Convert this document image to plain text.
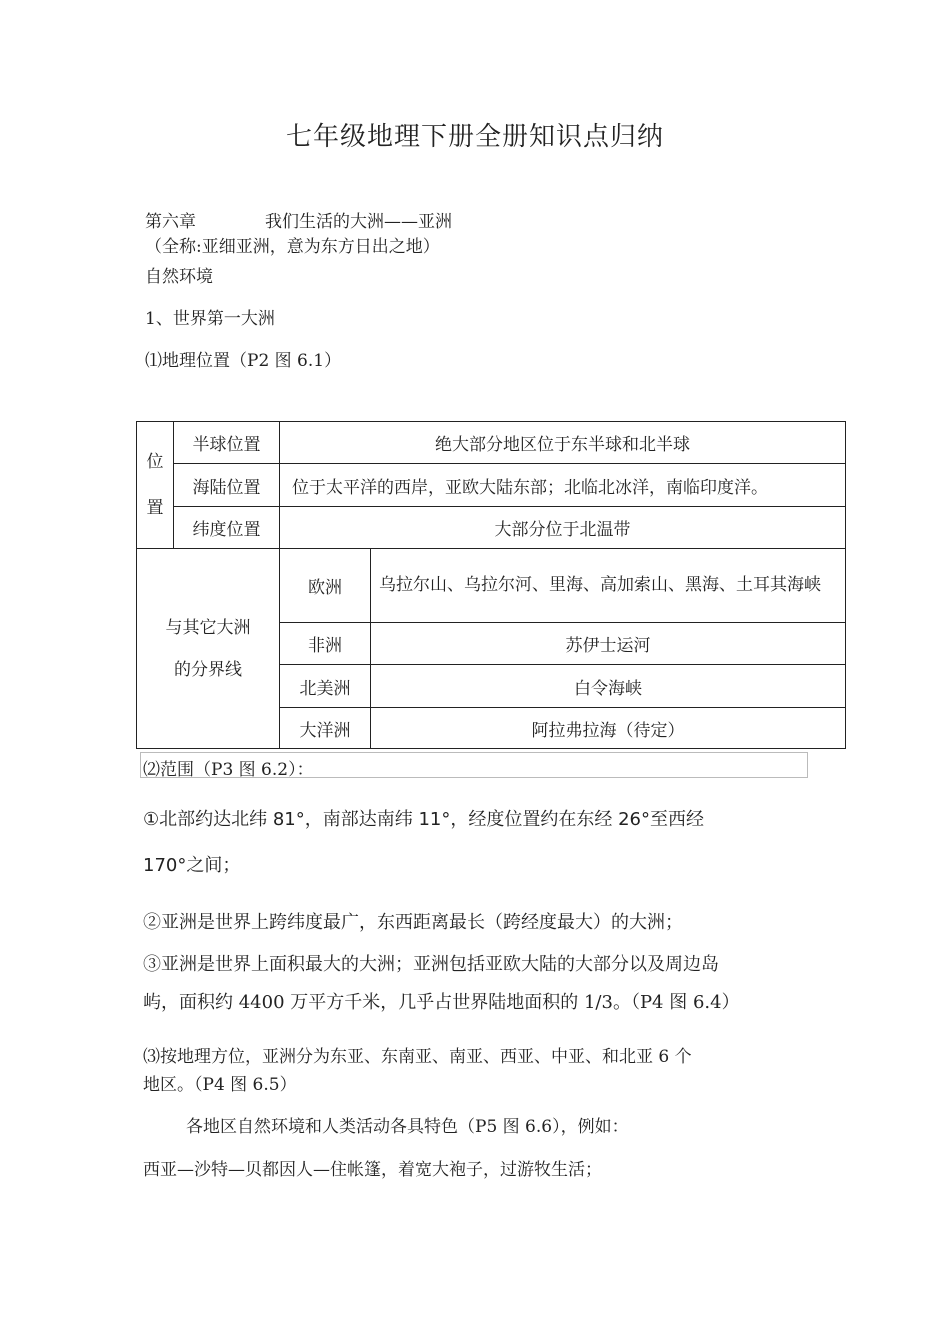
七年级地理下册全册知识点归纳
第六章	我们生活的大洲——亚洲
（全称:亚细亚洲，意为东方日出之地）
自然环境
1、世界第一大洲
⑴地理位置（P2 图 6.1）
位
置	半球位置	绝大部分地区位于东半球和北半球	
	海陆位置	位于太平洋的西岸，亚欧大陆东部；北临北冰洋，南临印度洋。	
	纬度位置	大部分位于北温带	

与其它大洲
的分界线		欧洲	乌拉尔山、乌拉尔河、里海、高加索山、黑海、土耳其海峡
		非洲	苏伊士运河
		北美洲	白令海峡
		大洋洲	阿拉弗拉海（待定）
⑵范围（P3 图 6.2）：
①北部约达北纬 81°，南部达南纬 11°，经度位置约在东经 26°至西经
170°之间；
②亚洲是世界上跨纬度最广，东西距离最长（跨经度最大）的大洲；
③亚洲是世界上面积最大的大洲；亚洲包括亚欧大陆的大部分以及周边岛
屿，面积约 4400 万平方千米，几乎占世界陆地面积的 1/3。（P4 图 6.4）
⑶按地理方位，亚洲分为东亚、东南亚、南亚、西亚、中亚、和北亚 6 个
地区。（P4 图 6.5）
各地区自然环境和人类活动各具特色（P5 图 6.6），例如：
西亚—沙特—贝都因人—住帐篷，着宽大袍子，过游牧生活；
